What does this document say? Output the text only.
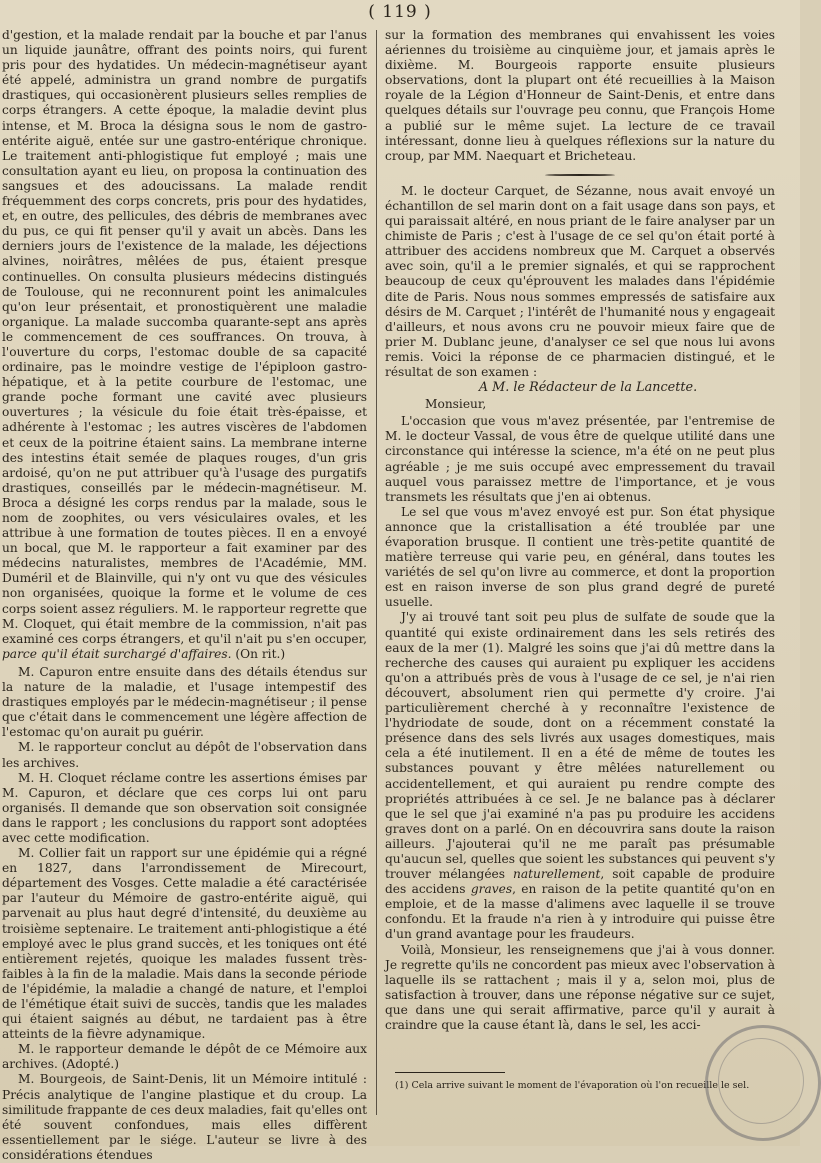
( 119 )

d'gestion, et la malade rendait par la bouche et par l'anus un liquide jaunâtre, offrant des points noirs, qui furent pris pour des hydatides. Un médecin-magnétiseur ayant été appelé, administra un grand nombre de purgatifs drastiques, qui occasionèrent plusieurs selles remplies de corps étrangers. A cette époque, la maladie devint plus intense, et M. Broca la désigna sous le nom de gastro-entérite aiguë, entée sur une gastro-entérique chronique. Le traitement anti-phlogistique fut employé ; mais une consultation ayant eu lieu, on proposa la continuation des sangsues et des adoucissans. La malade rendit fréquemment des corps concrets, pris pour des hydatides, et, en outre, des pellicules, des débris de membranes avec du pus, ce qui fit penser qu'il y avait un abcès. Dans les derniers jours de l'existence de la malade, les déjections alvines, noirâtres, mêlées de pus, étaient presque continuelles. On consulta plusieurs médecins distingués de Toulouse, qui ne reconnurent point les animalcules qu'on leur présentait, et pronostiquèrent une maladie organique. La malade succomba quarante-sept ans après le commencement de ces souffrances. On trouva, à l'ouverture du corps, l'estomac double de sa capacité ordinaire, pas le moindre vestige de l'épiploon gastro-hépatique, et à la petite courbure de l'estomac, une grande poche formant une cavité avec plusieurs ouvertures ; la vésicule du foie était très-épaisse, et adhérente à l'estomac ; les autres viscères de l'abdomen et ceux de la poitrine étaient sains. La membrane interne des intestins était semée de plaques rouges, d'un gris ardoisé, qu'on ne put attribuer qu'à l'usage des purgatifs drastiques, conseillés par le médecin-magnétiseur. M. Broca a désigné les corps rendus par la malade, sous le nom de zoophites, ou vers vésiculaires ovales, et les attribue à une formation de toutes pièces. Il en a envoyé un bocal, que M. le rapporteur a fait examiner par des médecins naturalistes, membres de l'Académie, MM. Duméril et de Blainville, qui n'y ont vu que des vésicules non organisées, quoique la forme et le volume de ces corps soient assez réguliers. M. le rapporteur regrette que M. Cloquet, qui était membre de la commission, n'ait pas examiné ces corps étrangers, et qu'il n'ait pu s'en occuper, parce qu'il était surchargé d'affaires. (On rit.)

M. Capuron entre ensuite dans des détails étendus sur la nature de la maladie, et l'usage intempestif des drastiques employés par le médecin-magnétiseur ; il pense que c'était dans le commencement une légère affection de l'estomac qu'on aurait pu guérir.

M. le rapporteur conclut au dépôt de l'observation dans les archives.

M. H. Cloquet réclame contre les assertions émises par M. Capuron, et déclare que ces corps lui ont paru organisés. Il demande que son observation soit consignée dans le rapport ; les conclusions du rapport sont adoptées avec cette modification.

M. Collier fait un rapport sur une épidémie qui a régné en 1827, dans l'arrondissement de Mirecourt, département des Vosges. Cette maladie a été caractérisée par l'auteur du Mémoire de gastro-entérite aiguë, qui parvenait au plus haut degré d'intensité, du deuxième au troisième septenaire. Le traitement anti-phlogistique a été employé avec le plus grand succès, et les toniques ont été entièrement rejetés, quoique les malades fussent très-faibles à la fin de la maladie. Mais dans la seconde période de l'épidémie, la maladie a changé de nature, et l'emploi de l'émétique était suivi de succès, tandis que les malades qui étaient saignés au début, ne tardaient pas à être atteints de la fièvre adynamique.

M. le rapporteur demande le dépôt de ce Mémoire aux archives. (Adopté.)

M. Bourgeois, de Saint-Denis, lit un Mémoire intitulé : Précis analytique de l'angine plastique et du croup. La similitude frappante de ces deux maladies, fait qu'elles ont été souvent confondues, mais elles diffèrent essentiellement par le siége. L'auteur se livre à des considérations étendues

sur la formation des membranes qui envahissent les voies aériennes du troisième au cinquième jour, et jamais après le dixième. M. Bourgeois rapporte ensuite plusieurs observations, dont la plupart ont été recueillies à la Maison royale de la Légion d'Honneur de Saint-Denis, et entre dans quelques détails sur l'ouvrage peu connu, que François Home a publié sur le même sujet. La lecture de ce travail intéressant, donne lieu à quelques réflexions sur la nature du croup, par MM. Naequart et Bricheteau.

M. le docteur Carquet, de Sézanne, nous avait envoyé un échantillon de sel marin dont on a fait usage dans son pays, et qui paraissait altéré, en nous priant de le faire analyser par un chimiste de Paris ; c'est à l'usage de ce sel qu'on était porté à attribuer des accidens nombreux que M. Carquet a observés avec soin, qu'il a le premier signalés, et qui se rapprochent beaucoup de ceux qu'éprouvent les malades dans l'épidémie dite de Paris. Nous nous sommes empressés de satisfaire aux désirs de M. Carquet ; l'intérêt de l'humanité nous y engageait d'ailleurs, et nous avons cru ne pouvoir mieux faire que de prier M. Dublanc jeune, d'analyser ce sel que nous lui avons remis. Voici la réponse de ce pharmacien distingué, et le résultat de son examen :

A M. le Rédacteur de la Lancette.

Monsieur,

L'occasion que vous m'avez présentée, par l'entremise de M. le docteur Vassal, de vous être de quelque utilité dans une circonstance qui intéresse la science, m'a été on ne peut plus agréable ; je me suis occupé avec empressement du travail auquel vous paraissez mettre de l'importance, et je vous transmets les résultats que j'en ai obtenus.

Le sel que vous m'avez envoyé est pur. Son état physique annonce que la cristallisation a été troublée par une évaporation brusque. Il contient une très-petite quantité de matière terreuse qui varie peu, en général, dans toutes les variétés de sel qu'on livre au commerce, et dont la proportion est en raison inverse de son plus grand degré de pureté usuelle.

J'y ai trouvé tant soit peu plus de sulfate de soude que la quantité qui existe ordinairement dans les sels retirés des eaux de la mer (1). Malgré les soins que j'ai dû mettre dans la recherche des causes qui auraient pu expliquer les accidens qu'on a attribués près de vous à l'usage de ce sel, je n'ai rien découvert, absolument rien qui permette d'y croire. J'ai particulièrement cherché à y reconnaître l'existence de l'hydriodate de soude, dont on a récemment constaté la présence dans des sels livrés aux usages domestiques, mais cela a été inutilement. Il en a été de même de toutes les substances pouvant y être mêlées naturellement ou accidentellement, et qui auraient pu rendre compte des propriétés attribuées à ce sel. Je ne balance pas à déclarer que le sel que j'ai examiné n'a pas pu produire les accidens graves dont on a parlé. On en découvrira sans doute la raison ailleurs. J'ajouterai qu'il ne me paraît pas présumable qu'aucun sel, quelles que soient les substances qui peuvent s'y trouver mélangées naturellement, soit capable de produire des accidens graves, en raison de la petite quantité qu'on en emploie, et de la masse d'alimens avec laquelle il se trouve confondu. Et la fraude n'a rien à y introduire qui puisse être d'un grand avantage pour les fraudeurs.

Voilà, Monsieur, les renseignemens que j'ai à vous donner. Je regrette qu'ils ne concordent pas mieux avec l'observation à laquelle ils se rattachent ; mais il y a, selon moi, plus de satisfaction à trouver, dans une réponse négative sur ce sujet, que dans une qui serait affirmative, parce qu'il y aurait à craindre que la cause étant là, dans le sel, les acci-

(1) Cela arrive suivant le moment de l'évaporation où l'on recueille le sel.
